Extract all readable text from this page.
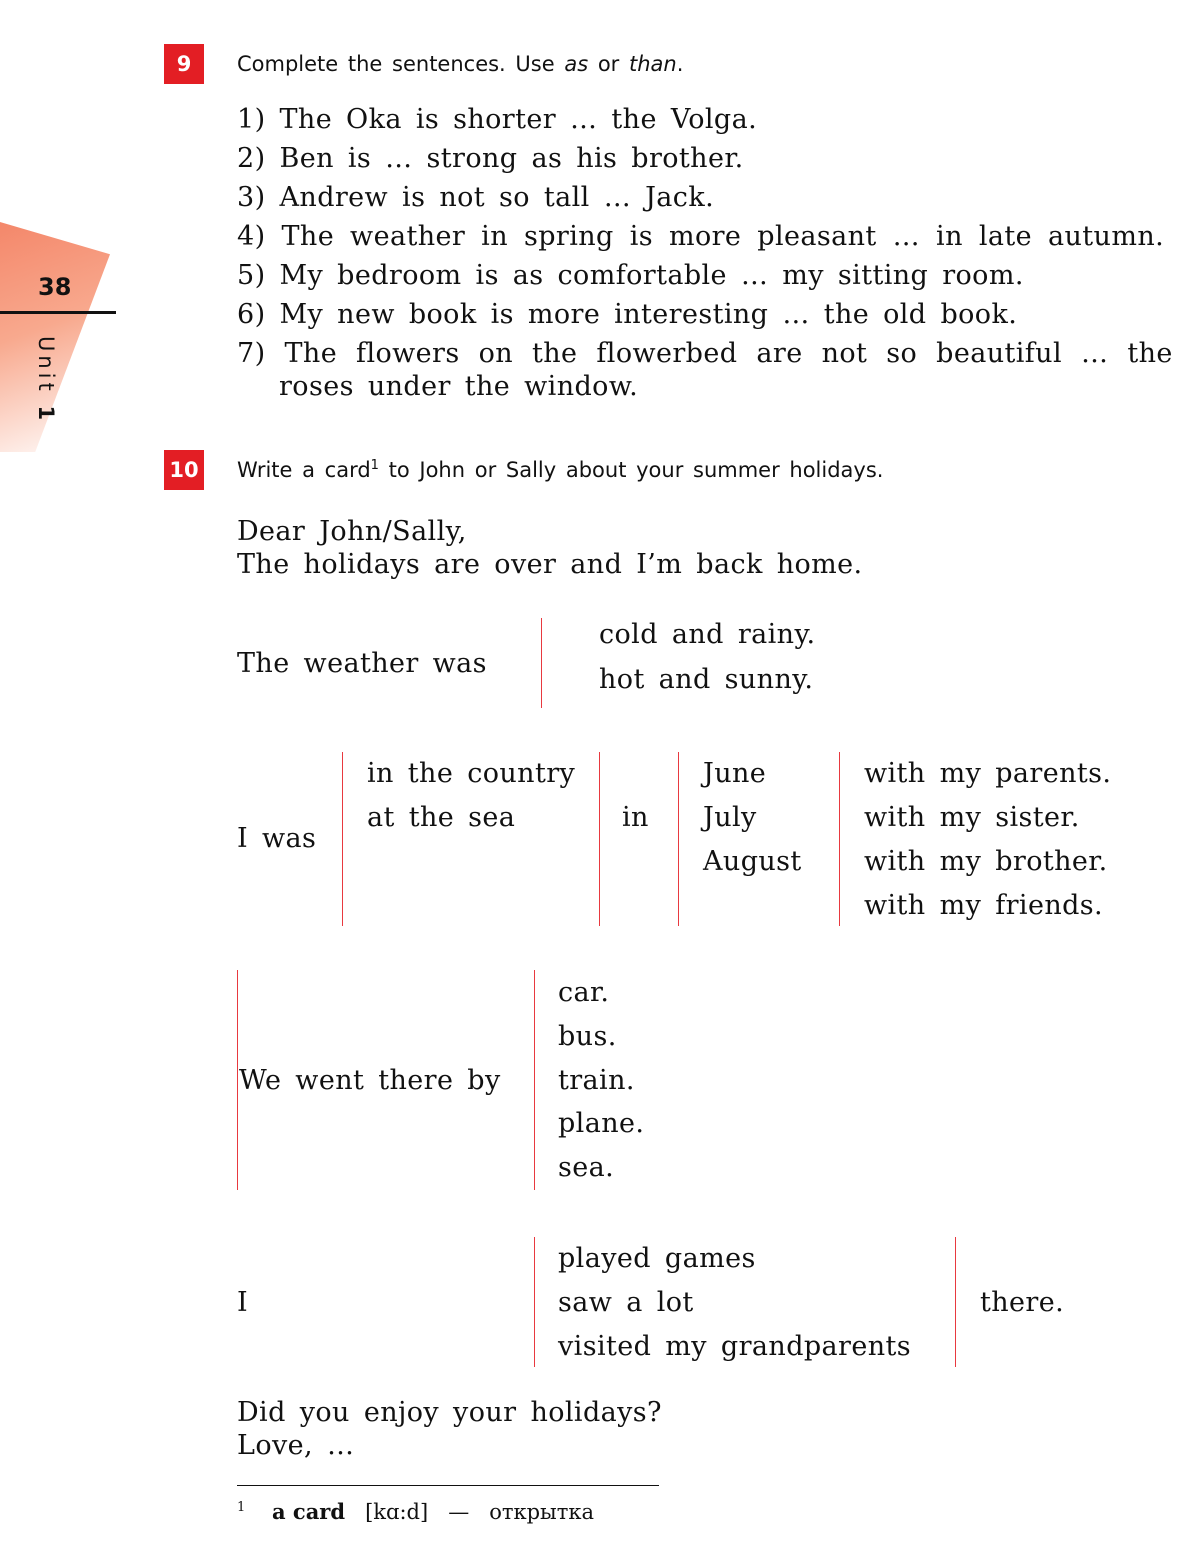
38
Unit 1
9	Complete the sentences. Use as or than.
1) The Oka is shorter … the Volga.
2) Ben is … strong as his brother.
3) Andrew is not so tall … Jack.
4) The weather in spring is more pleasant … in late autumn.
5) My bedroom is as comfortable … my sitting room.
6) My new book is more interesting … the old book.
7) The flowers on the flowerbed are not so beautiful … the
roses under the window.
10 Write a card$^1$ to John or Sally about your summer holidays.
Dear John/Sally,
The holidays are over and I’m back home.
The weather was
cold and rainy.
hot and sunny.
I was
in the country
at the sea	in
June
July
August
with my parents.
with my sister.
with my brother.
with my friends.
We went there by
car.
bus.
train.
plane.
sea.
I
played games
saw a lot
visited my grandparents
there.
Did you enjoy your holidays?
Love, …
$^1$ a card [kɑ:d] — открытка
